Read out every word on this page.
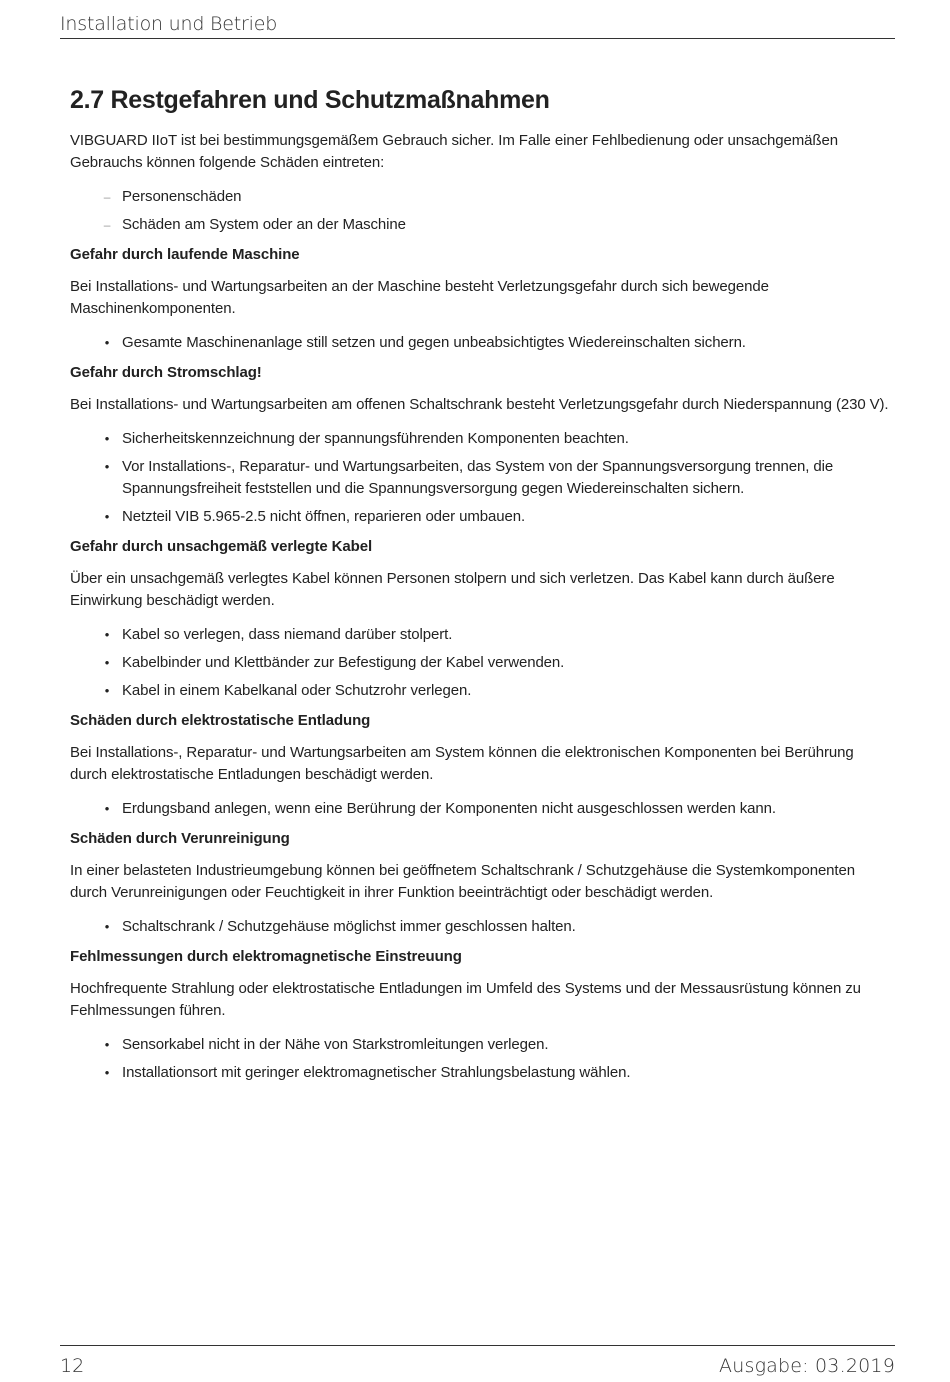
Installation und Betrieb
2.7 Restgefahren und Schutzmaßnahmen

VIBGUARD IIoT ist bei bestimmungsgemäßem Gebrauch sicher. Im Falle einer Fehlbedienung oder unsachgemäßen Gebrauchs können folgende Schäden eintreten:

– Personenschäden
– Schäden am System oder an der Maschine
Gefahr durch laufende Maschine

Bei Installations- und Wartungsarbeiten an der Maschine besteht Verletzungsgefahr durch sich bewegende Maschinenkomponenten.

• Gesamte Maschinenanlage still setzen und gegen unbeabsichtigtes Wiedereinschalten sichern.
Gefahr durch Stromschlag!

Bei Installations- und Wartungsarbeiten am offenen Schaltschrank besteht Verletzungsgefahr durch Niederspannung (230 V).

• Sicherheitskennzeichnung der spannungsführenden Komponenten beachten.
• Vor Installations-, Reparatur- und Wartungsarbeiten, das System von der Spannungsversorgung trennen, die Spannungsfreiheit feststellen und die Spannungsversorgung gegen Wiedereinschalten sichern.
• Netzteil VIB 5.965-2.5 nicht öffnen, reparieren oder umbauen.
Gefahr durch unsachgemäß verlegte Kabel

Über ein unsachgemäß verlegtes Kabel können Personen stolpern und sich verletzen. Das Kabel kann durch äußere Einwirkung beschädigt werden.

• Kabel so verlegen, dass niemand darüber stolpert.
• Kabelbinder und Klettbänder zur Befestigung der Kabel verwenden.
• Kabel in einem Kabelkanal oder Schutzrohr verlegen.
Schäden durch elektrostatische Entladung

Bei Installations-, Reparatur- und Wartungsarbeiten am System können die elektronischen Komponenten bei Berührung durch elektrostatische Entladungen beschädigt werden.

• Erdungsband anlegen, wenn eine Berührung der Komponenten nicht ausgeschlossen werden kann.
Schäden durch Verunreinigung

In einer belasteten Industrieumgebung können bei geöffnetem Schaltschrank / Schutzgehäuse die Systemkomponenten durch Verunreinigungen oder Feuchtigkeit in ihrer Funktion beeinträchtigt oder beschädigt werden.

• Schaltschrank / Schutzgehäuse möglichst immer geschlossen halten.
Fehlmessungen durch elektromagnetische Einstreuung

Hochfrequente Strahlung oder elektrostatische Entladungen im Umfeld des Systems und der Messausrüstung können zu Fehlmessungen führen.

• Sensorkabel nicht in der Nähe von Starkstromleitungen verlegen.
• Installationsort mit geringer elektromagnetischer Strahlungsbelastung wählen.
12	Ausgabe: 03.2019
